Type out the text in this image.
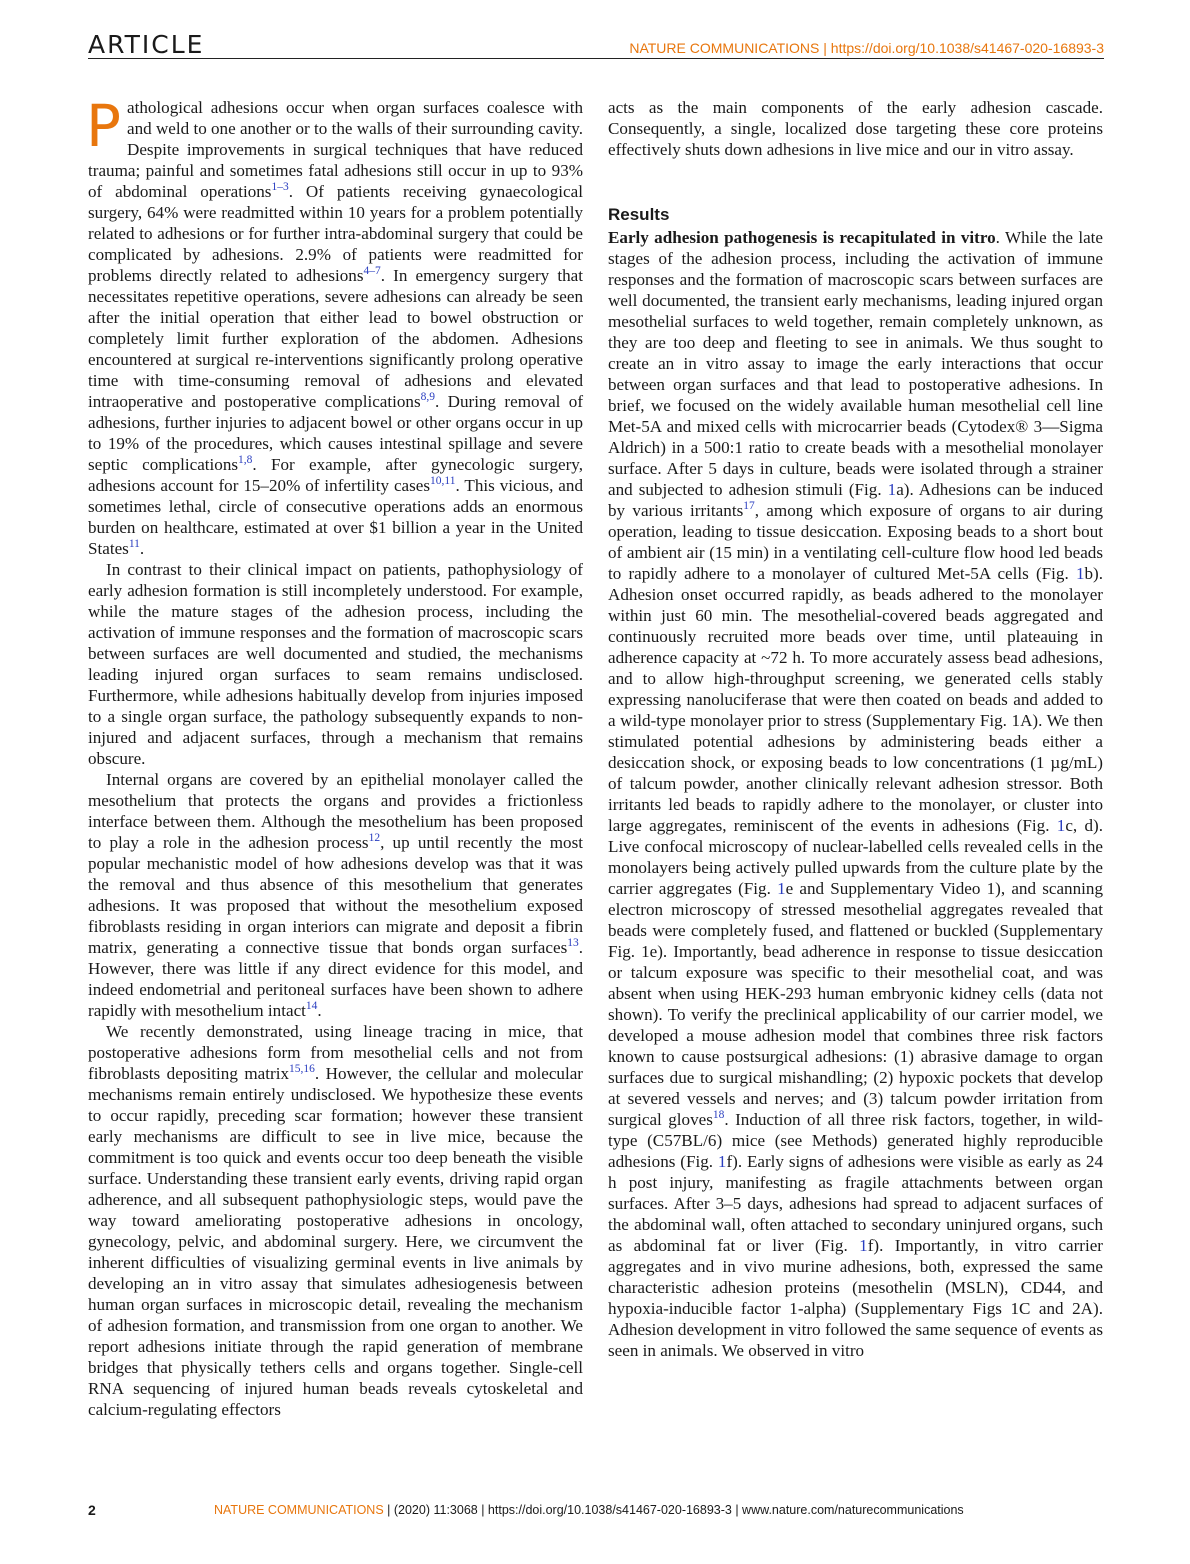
ARTICLE	NATURE COMMUNICATIONS | https://doi.org/10.1038/s41467-020-16893-3

Pathological adhesions occur when organ surfaces coalesce with and weld to one another or to the walls of their surrounding cavity. Despite improvements in surgical techniques that have reduced trauma; painful and sometimes fatal adhesions still occur in up to 93% of abdominal operations$^{1-3}$. Of patients receiving gynaecological surgery, 64% were readmitted within 10 years for a problem potentially related to adhesions or for further intra-abdominal surgery that could be complicated by adhesions. 2.9% of patients were readmitted for problems directly related to adhesions$^{4-7}$. In emergency surgery that necessitates repetitive operations, severe adhesions can already be seen after the initial operation that either lead to bowel obstruction or completely limit further exploration of the abdomen. Adhesions encountered at surgical re-interventions significantly prolong operative time with time-consuming removal of adhesions and elevated intraoperative and postoperative complications$^{8,9}$. During removal of adhesions, further injuries to adjacent bowel or other organs occur in up to 19% of the procedures, which causes intestinal spillage and severe septic complications$^{1,8}$. For example, after gynecologic surgery, adhesions account for 15–20% of infertility cases$^{10,11}$. This vicious, and sometimes lethal, circle of consecutive operations adds an enormous burden on healthcare, estimated at over $1 billion a year in the United States$^{11}$.

In contrast to their clinical impact on patients, pathophysiology of early adhesion formation is still incompletely understood. For example, while the mature stages of the adhesion process, including the activation of immune responses and the formation of macroscopic scars between surfaces are well documented and studied, the mechanisms leading injured organ surfaces to seam remains undisclosed. Furthermore, while adhesions habitually develop from injuries imposed to a single organ surface, the pathology subsequently expands to non-injured and adjacent surfaces, through a mechanism that remains obscure.

Internal organs are covered by an epithelial monolayer called the mesothelium that protects the organs and provides a frictionless interface between them. Although the mesothelium has been proposed to play a role in the adhesion process$^{12}$, up until recently the most popular mechanistic model of how adhesions develop was that it was the removal and thus absence of this mesothelium that generates adhesions. It was proposed that without the mesothelium exposed fibroblasts residing in organ interiors can migrate and deposit a fibrin matrix, generating a connective tissue that bonds organ surfaces$^{13}$. However, there was little if any direct evidence for this model, and indeed endometrial and peritoneal surfaces have been shown to adhere rapidly with mesothelium intact$^{14}$.

We recently demonstrated, using lineage tracing in mice, that postoperative adhesions form from mesothelial cells and not from fibroblasts depositing matrix$^{15,16}$. However, the cellular and molecular mechanisms remain entirely undisclosed. We hypothesize these events to occur rapidly, preceding scar formation; however these transient early mechanisms are difficult to see in live mice, because the commitment is too quick and events occur too deep beneath the visible surface. Understanding these transient early events, driving rapid organ adherence, and all subsequent pathophysiologic steps, would pave the way toward ameliorating postoperative adhesions in oncology, gynecology, pelvic, and abdominal surgery. Here, we circumvent the inherent difficulties of visualizing germinal events in live animals by developing an in vitro assay that simulates adhesiogenesis between human organ surfaces in microscopic detail, revealing the mechanism of adhesion formation, and transmission from one organ to another. We report adhesions initiate through the rapid generation of membrane bridges that physically tethers cells and organs together. Single-cell RNA sequencing of injured human beads reveals cytoskeletal and calcium-regulating effectors

acts as the main components of the early adhesion cascade. Consequently, a single, localized dose targeting these core proteins effectively shuts down adhesions in live mice and our in vitro assay.

Results

Early adhesion pathogenesis is recapitulated in vitro. While the late stages of the adhesion process, including the activation of immune responses and the formation of macroscopic scars between surfaces are well documented, the transient early mechanisms, leading injured organ mesothelial surfaces to weld together, remain completely unknown, as they are too deep and fleeting to see in animals. We thus sought to create an in vitro assay to image the early interactions that occur between organ surfaces and that lead to postoperative adhesions. In brief, we focused on the widely available human mesothelial cell line Met-5A and mixed cells with microcarrier beads (Cytodex® 3—Sigma Aldrich) in a 500:1 ratio to create beads with a mesothelial monolayer surface. After 5 days in culture, beads were isolated through a strainer and subjected to adhesion stimuli (Fig. 1a). Adhesions can be induced by various irritants$^{17}$, among which exposure of organs to air during operation, leading to tissue desiccation. Exposing beads to a short bout of ambient air (15 min) in a ventilating cell-culture flow hood led beads to rapidly adhere to a monolayer of cultured Met-5A cells (Fig. 1b). Adhesion onset occurred rapidly, as beads adhered to the monolayer within just 60 min. The mesothelial-covered beads aggregated and continuously recruited more beads over time, until plateauing in adherence capacity at ~72 h. To more accurately assess bead adhesions, and to allow high-throughput screening, we generated cells stably expressing nanoluciferase that were then coated on beads and added to a wild-type monolayer prior to stress (Supplementary Fig. 1A). We then stimulated potential adhesions by administering beads either a desiccation shock, or exposing beads to low concentrations (1 µg/mL) of talcum powder, another clinically relevant adhesion stressor. Both irritants led beads to rapidly adhere to the monolayer, or cluster into large aggregates, reminiscent of the events in adhesions (Fig. 1c, d). Live confocal microscopy of nuclear-labelled cells revealed cells in the monolayers being actively pulled upwards from the culture plate by the carrier aggregates (Fig. 1e and Supplementary Video 1), and scanning electron microscopy of stressed mesothelial aggregates revealed that beads were completely fused, and flattened or buckled (Supplementary Fig. 1e). Importantly, bead adherence in response to tissue desiccation or talcum exposure was specific to their mesothelial coat, and was absent when using HEK-293 human embryonic kidney cells (data not shown). To verify the preclinical applicability of our carrier model, we developed a mouse adhesion model that combines three risk factors known to cause postsurgical adhesions: (1) abrasive damage to organ surfaces due to surgical mishandling; (2) hypoxic pockets that develop at severed vessels and nerves; and (3) talcum powder irritation from surgical gloves$^{18}$. Induction of all three risk factors, together, in wild-type (C57BL/6) mice (see Methods) generated highly reproducible adhesions (Fig. 1f). Early signs of adhesions were visible as early as 24 h post injury, manifesting as fragile attachments between organ surfaces. After 3–5 days, adhesions had spread to adjacent surfaces of the abdominal wall, often attached to secondary uninjured organs, such as abdominal fat or liver (Fig. 1f). Importantly, in vitro carrier aggregates and in vivo murine adhesions, both, expressed the same characteristic adhesion proteins (mesothelin (MSLN), CD44, and hypoxia-inducible factor 1-alpha) (Supplementary Figs 1C and 2A). Adhesion development in vitro followed the same sequence of events as seen in animals. We observed in vitro

2	NATURE COMMUNICATIONS | (2020) 11:3068 | https://doi.org/10.1038/s41467-020-16893-3 | www.nature.com/naturecommunications
